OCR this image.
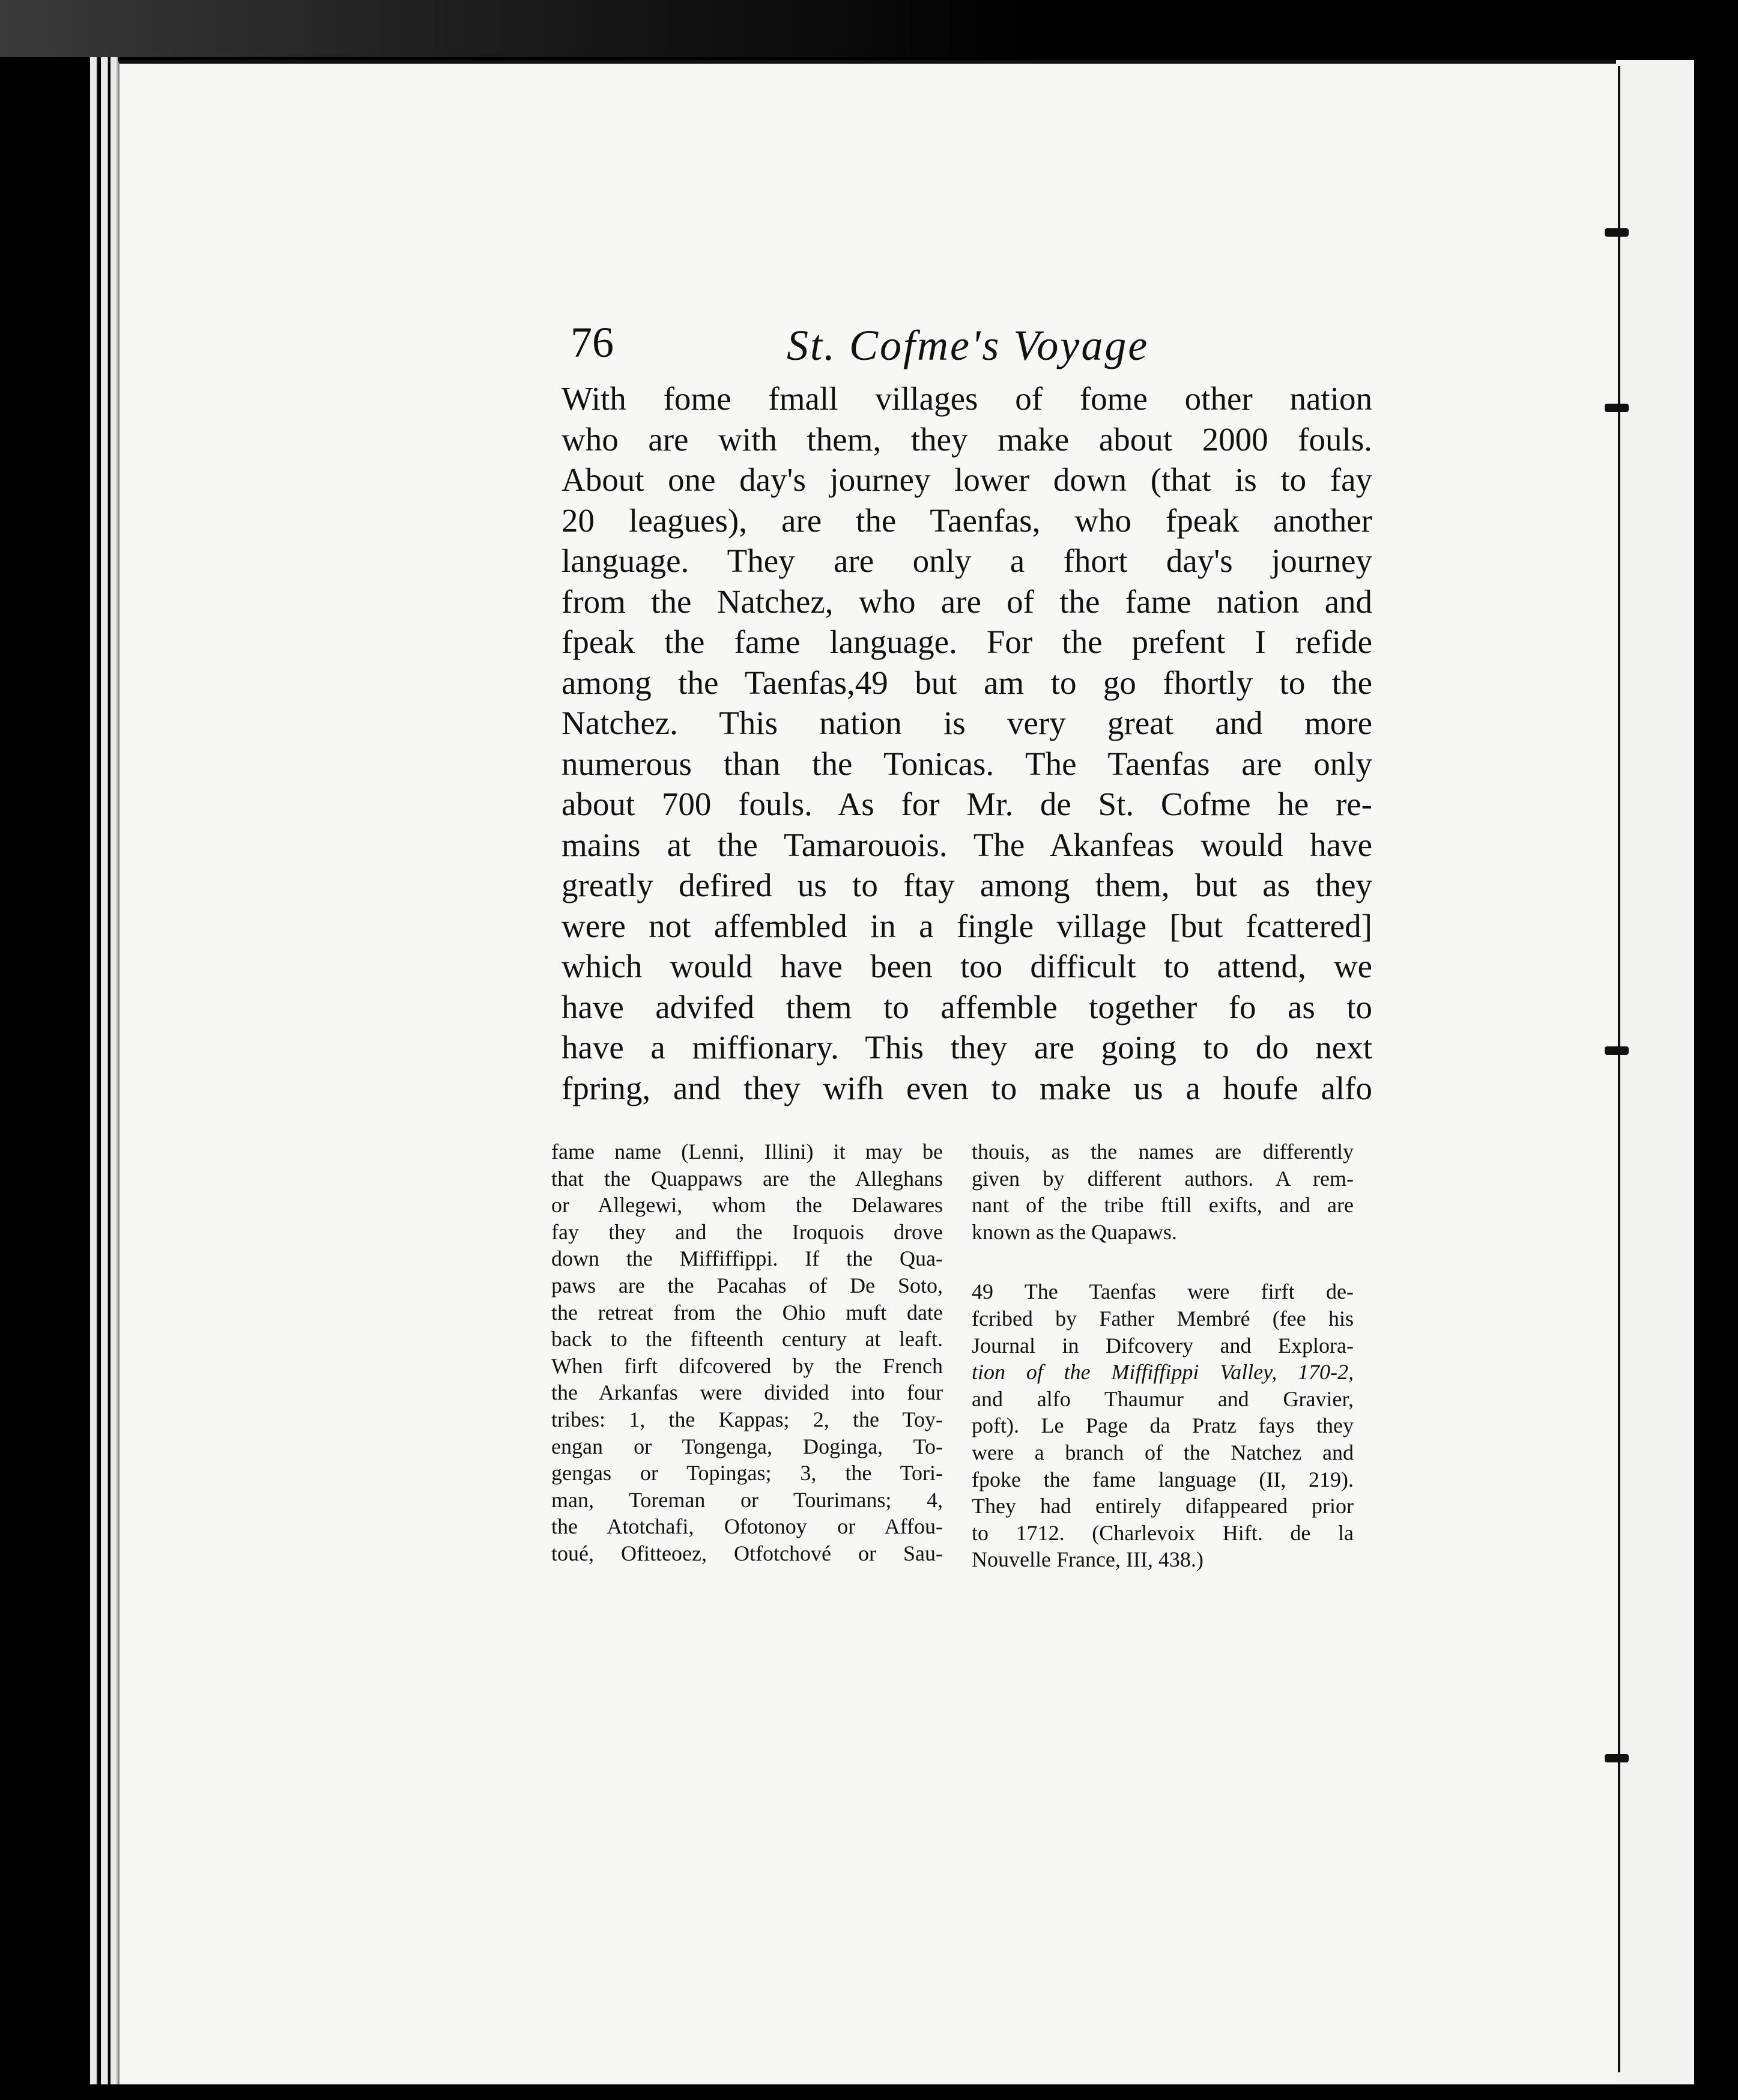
76	St. Cofme's Voyage
With fome fmall villages of fome other nation
who are with them, they make about 2000 fouls.
About one day's journey lower down (that is to fay
20 leagues), are the Taenfas, who fpeak another
language. They are only a fhort day's journey
from the Natchez, who are of the fame nation and
fpeak the fame language. For the prefent I refide
among the Taenfas,49 but am to go fhortly to the
Natchez. This nation is very great and more
numerous than the Tonicas. The Taenfas are only
about 700 fouls. As for Mr. de St. Cofme he re-
mains at the Tamarouois. The Akanfeas would have
greatly defired us to ftay among them, but as they
were not affembled in a fingle village [but fcattered]
which would have been too difficult to attend, we
have advifed them to affemble together fo as to
have a miffionary. This they are going to do next
fpring, and they wifh even to make us a houfe alfo
fame name (Lenni, Illini) it may be
that the Quappaws are the Alleghans
or Allegewi, whom the Delawares
fay they and the Iroquois drove
down the Miffiffippi. If the Qua-
paws are the Pacahas of De Soto,
the retreat from the Ohio muft date
back to the fifteenth century at leaft.
When firft difcovered by the French
the Arkanfas were divided into four
tribes: 1, the Kappas; 2, the Toy-
engan or Tongenga, Doginga, To-
gengas or Topingas; 3, the Tori-
man, Toreman or Tourimans; 4,
the Atotchafi, Ofotonoy or Affou-
toué, Ofitteoez, Otfotchové or Sau-
thouis, as the names are differently
given by different authors. A rem-
nant of the tribe ftill exifts, and are
known as the Quapaws.
49 The Taenfas were firft de-
fcribed by Father Membré (fee his
Journal in Difcovery and Explora-
tion of the Miffiffippi Valley, 170-2,
and alfo Thaumur and Gravier,
poft). Le Page da Pratz fays they
were a branch of the Natchez and
fpoke the fame language (II, 219).
They had entirely difappeared prior
to 1712. (Charlevoix Hift. de la
Nouvelle France, III, 438.)
